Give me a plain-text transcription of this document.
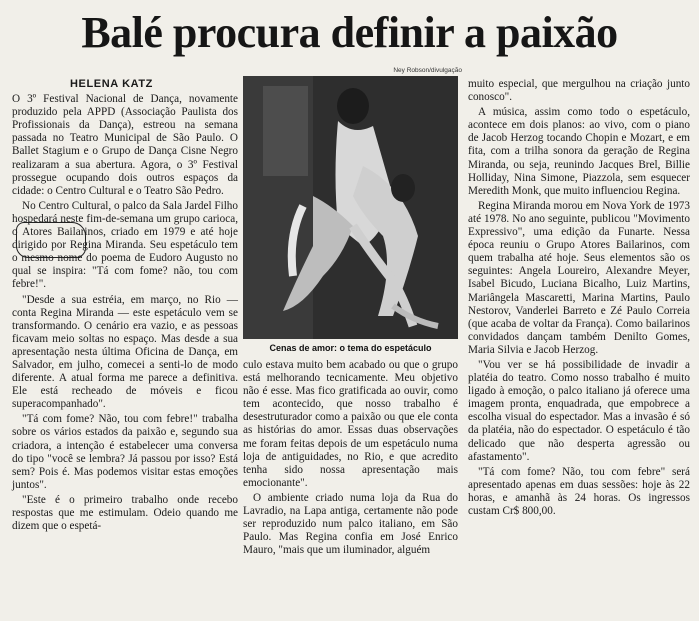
Balé procura definir a paixão
Ney Robson/divulgação
HELENA KATZ

O 3º Festival Nacional de Dança, novamente produzido pela APPD (Associação Paulista dos Profissionais da Dança), estreou na semana passada no Teatro Municipal de São Paulo. O Ballet Stagium e o Grupo de Dança Cisne Negro realizaram a sua abertura. Agora, o 3º Festival prossegue ocupando dois outros espaços da cidade: o Centro Cultural e o Teatro São Pedro.

No Centro Cultural, o palco da Sala Jardel Filho hospedará neste fim-de-semana um grupo carioca, o Atores Bailarinos, criado em 1979 e até hoje dirigido por Regina Miranda. Seu espetáculo tem o mesmo nome do poema de Eudoro Augusto no qual se inspira: "Tá com fome? não, tou com febre!".

"Desde a sua estréia, em março, no Rio — conta Regina Miranda — este espetáculo vem se transformando. O cenário era vazio, e as pessoas ficavam meio soltas no espaço. Mas desde a sua apresentação nesta última Oficina de Dança, em Salvador, em julho, comecei a senti-lo de modo diferente. A atual forma me parece a definitiva. Ele está recheado de móveis e ficou superacompanhado".

"Tá com fome? Não, tou com febre!" trabalha sobre os vários estados da paixão e, segundo sua criadora, a intenção é estabelecer uma conversa do tipo "você se lembra? Já passou por isso? Está sem? Pois é. Mas podemos visitar estas emoções juntos".

"Este é o primeiro trabalho onde recebo respostas que me estimulam. Odeio quando me dizem que o espetá-

Cenas de amor: o tema do espetáculo

culo estava muito bem acabado ou que o grupo está melhorando tecnicamente. Meu objetivo não é esse. Mas fico gratificada ao ouvir, como tem acontecido, que nosso trabalho é desestruturador como a paixão ou que ele conta as histórias do amor. Essas duas observações me foram feitas depois de um espetáculo numa loja de antiguidades, no Rio, e que acredito tenha sido nossa apresentação mais emocionante".

O ambiente criado numa loja da Rua do Lavradio, na Lapa antiga, certamente não pode ser reproduzido num palco italiano, em São Paulo. Mas Regina confia em José Enrico Mauro, "mais que um iluminador, alguém

muito especial, que mergulhou na criação junto conosco".

A música, assim como todo o espetáculo, acontece em dois planos: ao vivo, com o piano de Jacob Herzog tocando Chopin e Mozart, e em fita, com a trilha sonora da geração de Regina Miranda, ou seja, reunindo Jacques Brel, Billie Holliday, Nina Simone, Piazzola, sem esquecer Meredith Monk, que muito influenciou Regina.

Regina Miranda morou em Nova York de 1973 até 1978. No ano seguinte, publicou "Movimento Expressivo", uma edição da Funarte. Nessa época reuniu o Grupo Atores Bailarinos, com quem trabalha até hoje. Seus elementos são os seguintes: Angela Loureiro, Alexandre Meyer, Isabel Bicudo, Luciana Bicalho, Luiz Martins, Mariângela Mascaretti, Marina Martins, Paulo Nestorov, Vanderlei Barreto e Zé Paulo Correia (que acaba de voltar da França). Como bailarinos convidados dançam também Denilto Gomes, Maria Silvia e Jacob Herzog.

"Vou ver se há possibilidade de invadir a platéia do teatro. Como nosso trabalho é muito ligado à emoção, o palco italiano já oferece uma imagem pronta, enquadrada, que empobrece a escolha visual do espectador. Mas a invasão é só da platéia, não do espectador. O espetáculo é tão delicado que não desperta agressão ou afastamento".

"Tá com fome? Não, tou com febre" será apresentado apenas em duas sessões: hoje às 22 horas, e amanhã às 24 horas. Os ingressos custam Cr$ 800,00.
